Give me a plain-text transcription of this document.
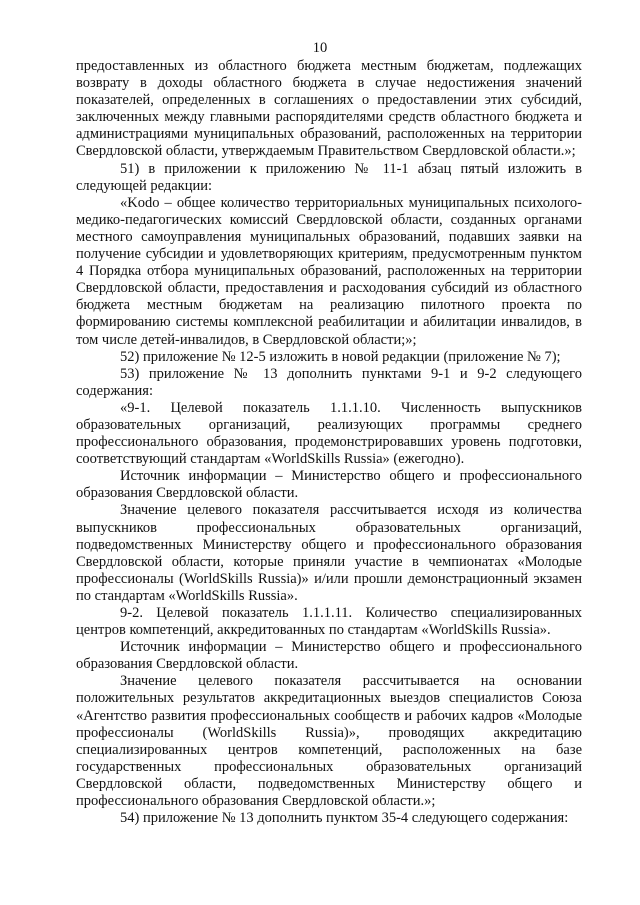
10

предоставленных из областного бюджета местным бюджетам, подлежащих возврату в доходы областного бюджета в случае недостижения значений показателей, определенных в соглашениях о предоставлении этих субсидий, заключенных между главными распорядителями средств областного бюджета и администрациями муниципальных образований, расположенных на территории Свердловской области, утверждаемым Правительством Свердловской области.»;

51) в приложении к приложению № 11-1 абзац пятый изложить в следующей редакции:

«Kodo – общее количество территориальных муниципальных психолого-медико-педагогических комиссий Свердловской области, созданных органами местного самоуправления муниципальных образований, подавших заявки на получение субсидии и удовлетворяющих критериям, предусмотренным пунктом 4 Порядка отбора муниципальных образований, расположенных на территории Свердловской области, предоставления и расходования субсидий из областного бюджета местным бюджетам на реализацию пилотного проекта по формированию системы комплексной реабилитации и абилитации инвалидов, в том числе детей-инвалидов, в Свердловской области;»;

52) приложение № 12-5 изложить в новой редакции (приложение № 7);

53) приложение № 13 дополнить пунктами 9-1 и 9-2 следующего содержания:

«9-1. Целевой показатель 1.1.1.10. Численность выпускников образовательных организаций, реализующих программы среднего профессионального образования, продемонстрировавших уровень подготовки, соответствующий стандартам «WorldSkills Russia» (ежегодно).

Источник информации – Министерство общего и профессионального образования Свердловской области.

Значение целевого показателя рассчитывается исходя из количества выпускников профессиональных образовательных организаций, подведомственных Министерству общего и профессионального образования Свердловской области, которые приняли участие в чемпионатах «Молодые профессионалы (WorldSkills Russia)» и/или прошли демонстрационный экзамен по стандартам «WorldSkills Russia».

9-2. Целевой показатель 1.1.1.11. Количество специализированных центров компетенций, аккредитованных по стандартам «WorldSkills Russia».

Источник информации – Министерство общего и профессионального образования Свердловской области.

Значение целевого показателя рассчитывается на основании положительных результатов аккредитационных выездов специалистов Союза «Агентство развития профессиональных сообществ и рабочих кадров «Молодые профессионалы (WorldSkills Russia)», проводящих аккредитацию специализированных центров компетенций, расположенных на базе государственных профессиональных образовательных организаций Свердловской области, подведомственных Министерству общего и профессионального образования Свердловской области.»;

54) приложение № 13 дополнить пунктом 35-4 следующего содержания:
